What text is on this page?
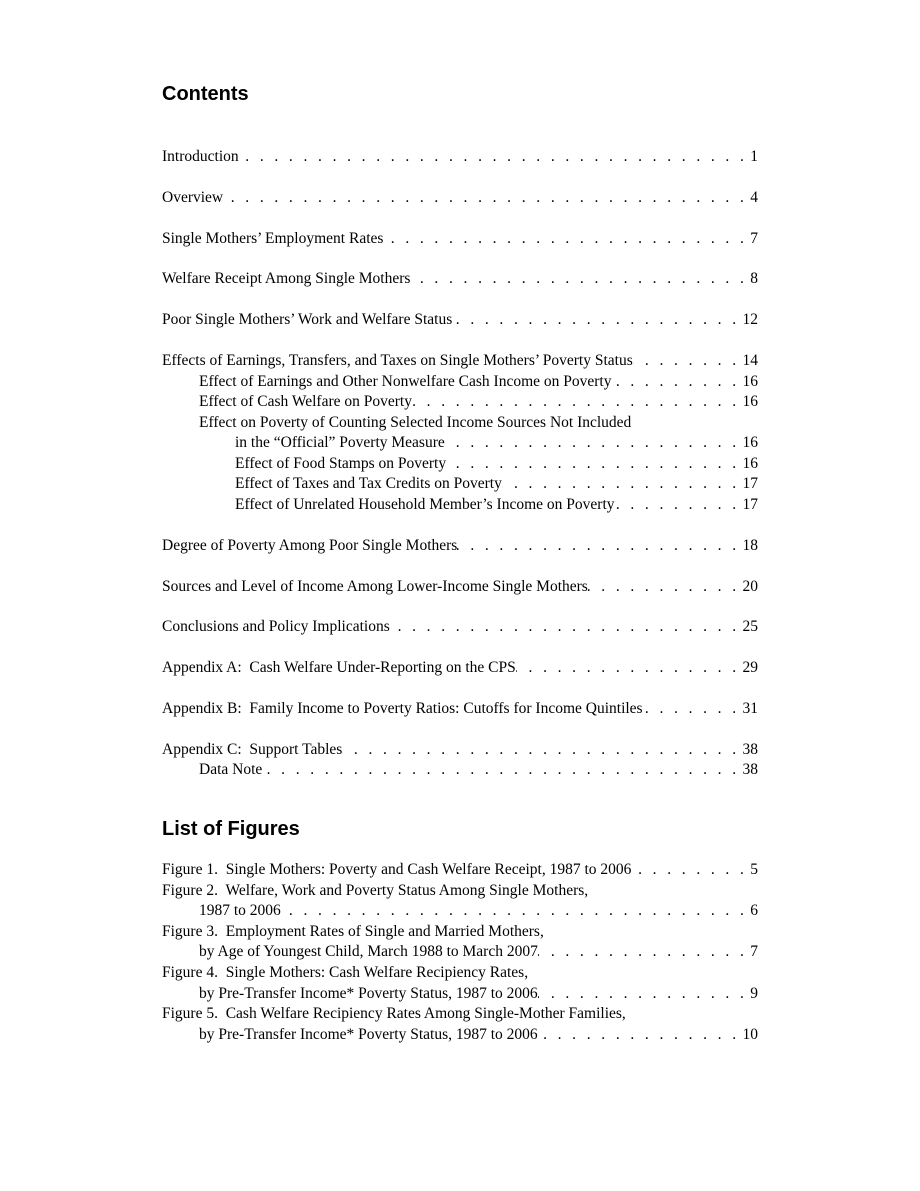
Contents
Introduction . . .	1
Overview . . .	4
Single Mothers’ Employment Rates . . .	7
Welfare Receipt Among Single Mothers . . .	8
Poor Single Mothers’ Work and Welfare Status . . .	12
Effects of Earnings, Transfers, and Taxes on Single Mothers’ Poverty Status . . .	14
Effect of Earnings and Other Nonwelfare Cash Income on Poverty . . .	16
Effect of Cash Welfare on Poverty . . .	16
Effect on Poverty of Counting Selected Income Sources Not Included
in the “Official” Poverty Measure . . .	16
Effect of Food Stamps on Poverty . . .	16
Effect of Taxes and Tax Credits on Poverty . . .	17
Effect of Unrelated Household Member’s Income on Poverty . . .	17
Degree of Poverty Among Poor Single Mothers . . .	18
Sources and Level of Income Among Lower-Income Single Mothers . . .	20
Conclusions and Policy Implications . . .	25
Appendix A:  Cash Welfare Under-Reporting on the CPS . . .	29
Appendix B:  Family Income to Poverty Ratios: Cutoffs for Income Quintiles . . .	31
Appendix C:  Support Tables . . .	38
Data Note . . .	38
List of Figures
Figure 1.  Single Mothers: Poverty and Cash Welfare Receipt, 1987 to 2006 . . .	5
Figure 2.  Welfare, Work and Poverty Status Among Single Mothers,
1987 to 2006 . . .	6
Figure 3.  Employment Rates of Single and Married Mothers,
by Age of Youngest Child, March 1988 to March 2007 . . .	7
Figure 4.  Single Mothers: Cash Welfare Recipiency Rates,
by Pre-Transfer Income* Poverty Status, 1987 to 2006 . . .	9
Figure 5.  Cash Welfare Recipiency Rates Among Single-Mother Families,
by Pre-Transfer Income* Poverty Status, 1987 to 2006 . . .	10
